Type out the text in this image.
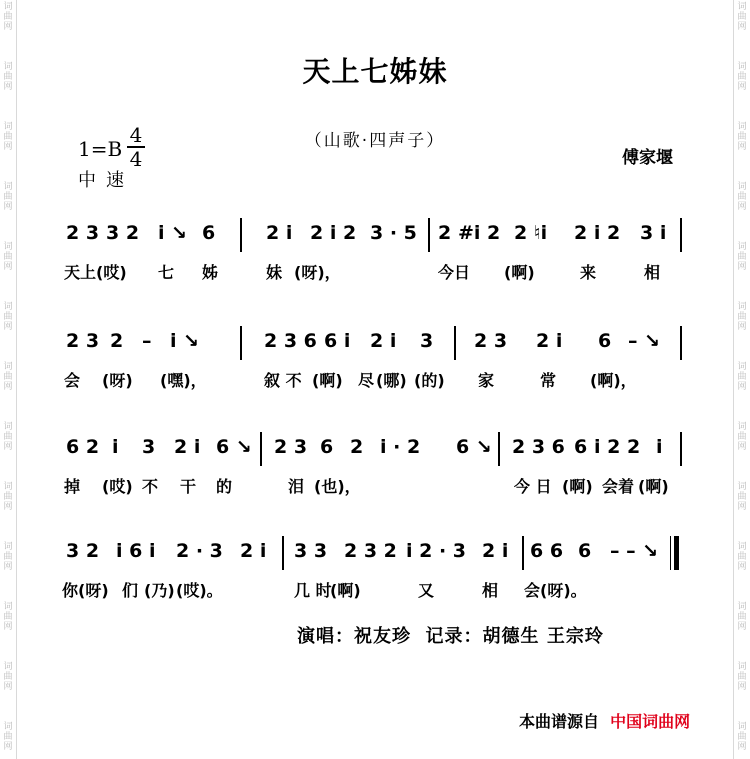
词
曲
网
词
曲
网
词
曲
网
词
曲
网
词
曲
网
词
曲
网
词
曲
网
词
曲
网
词
曲
网
词
曲
网
词
曲
网
词
曲
网
词
曲
网
词
曲
网
词
曲
网
词
曲
网
词
曲
网
词
曲
网
词
曲
网
词
曲
网
词
曲
网
词
曲
网
词
曲
网
词
曲
网
词
曲
网
词
曲
网
天上七姊妹
（山歌·四声子）
1=B
4
4
中速
傅家堰
2 3 3 2 i ↘ 6	2 i 2 i 2 3 · 5 2 #i 2 2 ♮i 2 i 2 3 i
天上(哎) 七 姊	妹 (呀)，	今日 (啊)	来	相
2 3 2 – i ↘	2 3 6 6 i 2 i 3 2 3 2 i 6 – ↘
会 (呀) (嘿)，	叙 不 (啊) 尽 (哪) (的) 家	常 (啊)，
6 2 i 3 2 i 6 ↘ 2 3 6 2 i · 2 6 ↘ 2 3 6 6 i 2 2 i
掉 (哎) 不 干 的	泪 (也)，	今 日 (啊) 会着 (啊)
3 2 i 6 i 2 · 3 2 i 3 3 2 3 2 i 2 · 3 2 i 6 6 6 – – ↘
你(呀) 们 (乃) (哎)。	几 时
(啊)	又	相 会(呀)。
演唱：祝友珍 记录：胡德生 王宗玲
本曲谱源自 中国词曲网
